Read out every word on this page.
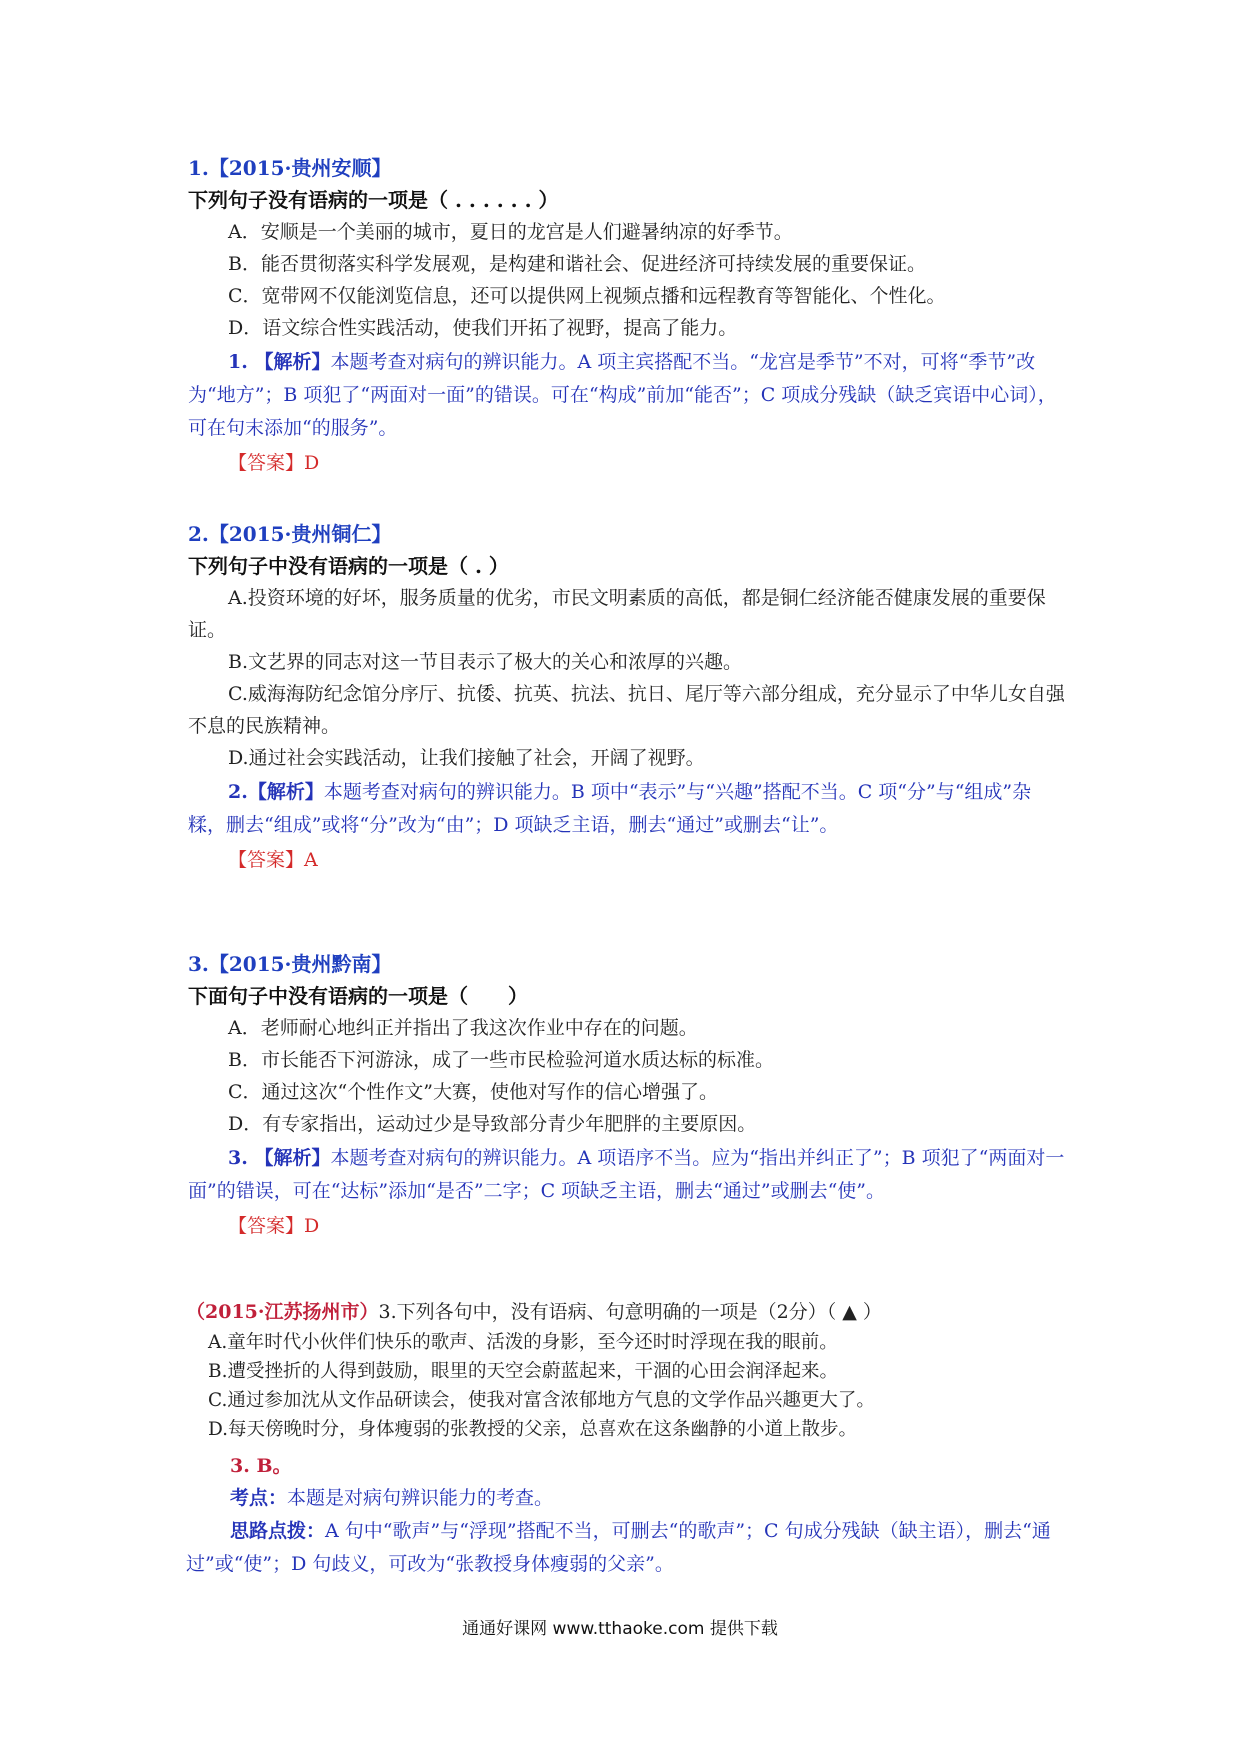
1.【2015·贵州安顺】
下列句子没有语病的一项是（ . . . . . . ）
A．安顺是一个美丽的城市，夏日的龙宫是人们避暑纳凉的好季节。
B．能否贯彻落实科学发展观，是构建和谐社会、促进经济可持续发展的重要保证。
C．宽带网不仅能浏览信息，还可以提供网上视频点播和远程教育等智能化、个性化。
D．语文综合性实践活动，使我们开拓了视野，提高了能力。
1. 【解析】本题考查对病句的辨识能力。A 项主宾搭配不当。“龙宫是季节”不对，可将“季节”改为“地方”；B 项犯了“两面对一面”的错误。可在“构成”前加“能否”；C 项成分残缺（缺乏宾语中心词），可在句末添加“的服务”。
【答案】D
2.【2015·贵州铜仁】
下列句子中没有语病的一项是（ . ）
A.投资环境的好坏，服务质量的优劣，市民文明素质的高低，都是铜仁经济能否健康发展的重要保证。
B.文艺界的同志对这一节目表示了极大的关心和浓厚的兴趣。
C.威海海防纪念馆分序厅、抗倭、抗英、抗法、抗日、尾厅等六部分组成，充分显示了中华儿女自强不息的民族精神。
D.通过社会实践活动，让我们接触了社会，开阔了视野。
2.【解析】本题考查对病句的辨识能力。B 项中“表示”与“兴趣”搭配不当。C 项“分”与“组成”杂糅，删去“组成”或将“分”改为“由”；D 项缺乏主语，删去“通过”或删去“让”。
【答案】A
3.【2015·贵州黔南】
下面句子中没有语病的一项是（　　）
A．老师耐心地纠正并指出了我这次作业中存在的问题。
B．市长能否下河游泳，成了一些市民检验河道水质达标的标准。
C．通过这次“个性作文”大赛，使他对写作的信心增强了。
D．有专家指出，运动过少是导致部分青少年肥胖的主要原因。
3. 【解析】本题考查对病句的辨识能力。A 项语序不当。应为“指出并纠正了”；B 项犯了“两面对一面”的错误，可在“达标”添加“是否”二字；C 项缺乏主语，删去“通过”或删去“使”。
【答案】D
（2015·江苏扬州市）3.下列各句中，没有语病、句意明确的一项是（2分）（ ▲ ）
A.童年时代小伙伴们快乐的歌声、活泼的身影，至今还时时浮现在我的眼前。
B.遭受挫折的人得到鼓励，眼里的天空会蔚蓝起来，干涸的心田会润泽起来。
C.通过参加沈从文作品研读会，使我对富含浓郁地方气息的文学作品兴趣更大了。
D.每天傍晚时分，身体瘦弱的张教授的父亲，总喜欢在这条幽静的小道上散步。
3. B。
考点：本题是对病句辨识能力的考查。
思路点拨：A 句中“歌声”与“浮现”搭配不当，可删去“的歌声”；C 句成分残缺（缺主语），删去“通过”或“使”；D 句歧义，可改为“张教授身体瘦弱的父亲”。
通通好课网 www.tthaoke.com 提供下载
